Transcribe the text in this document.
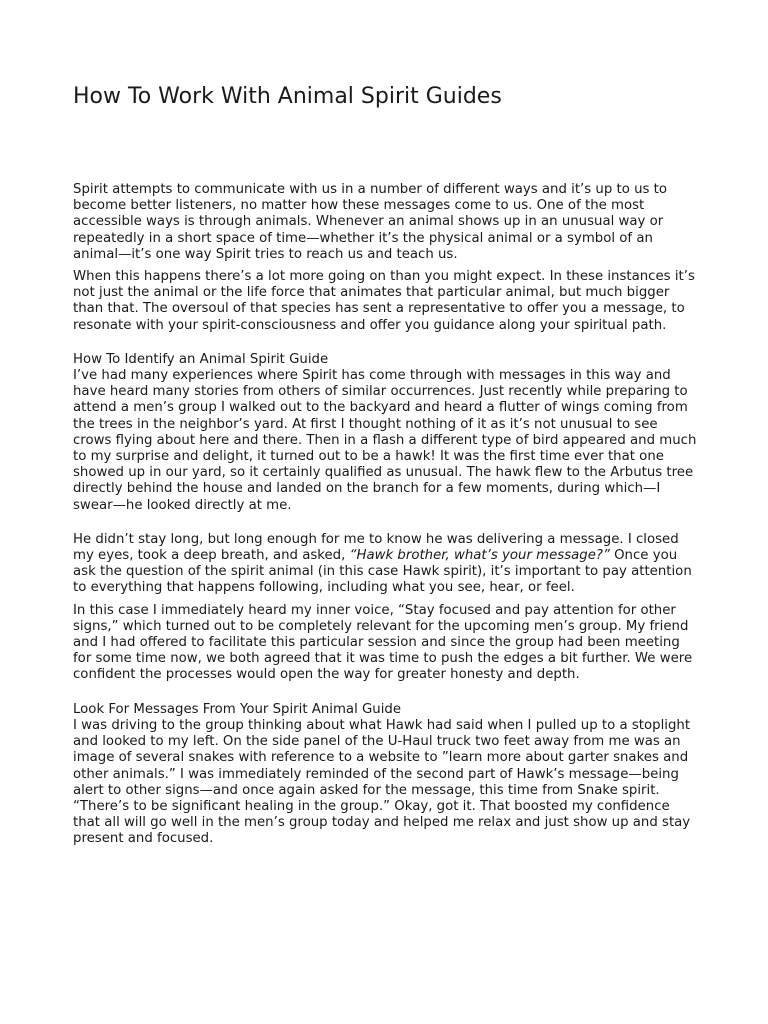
How To Work With Animal Spirit Guides

Spirit attempts to communicate with us in a number of different ways and it’s up to us to become better listeners, no matter how these messages come to us. One of the most accessible ways is through animals. Whenever an animal shows up in an unusual way or repeatedly in a short space of time—whether it’s the physical animal or a symbol of an animal—it’s one way Spirit tries to reach us and teach us.

When this happens there’s a lot more going on than you might expect. In these instances it’s not just the animal or the life force that animates that particular animal, but much bigger than that. The oversoul of that species has sent a representative to offer you a message, to resonate with your spirit-consciousness and offer you guidance along your spiritual path.

How To Identify an Animal Spirit Guide

I’ve had many experiences where Spirit has come through with messages in this way and have heard many stories from others of similar occurrences. Just recently while preparing to attend a men’s group I walked out to the backyard and heard a flutter of wings coming from the trees in the neighbor’s yard. At first I thought nothing of it as it’s not unusual to see crows flying about here and there. Then in a flash a different type of bird appeared and much to my surprise and delight, it turned out to be a hawk! It was the first time ever that one showed up in our yard, so it certainly qualified as unusual. The hawk flew to the Arbutus tree directly behind the house and landed on the branch for a few moments, during which—I swear—he looked directly at me.

He didn’t stay long, but long enough for me to know he was delivering a message. I closed my eyes, took a deep breath, and asked, “Hawk brother, what’s your message?” Once you ask the question of the spirit animal (in this case Hawk spirit), it’s important to pay attention to everything that happens following, including what you see, hear, or feel.

In this case I immediately heard my inner voice, “Stay focused and pay attention for other signs,” which turned out to be completely relevant for the upcoming men’s group. My friend and I had offered to facilitate this particular session and since the group had been meeting for some time now, we both agreed that it was time to push the edges a bit further. We were confident the processes would open the way for greater honesty and depth.

Look For Messages From Your Spirit Animal Guide

I was driving to the group thinking about what Hawk had said when I pulled up to a stoplight and looked to my left. On the side panel of the U-Haul truck two feet away from me was an image of several snakes with reference to a website to ”learn more about garter snakes and other animals.” I was immediately reminded of the second part of Hawk’s message—being alert to other signs—and once again asked for the message, this time from Snake spirit. “There’s to be significant healing in the group.” Okay, got it. That boosted my confidence that all will go well in the men’s group today and helped me relax and just show up and stay present and focused.
